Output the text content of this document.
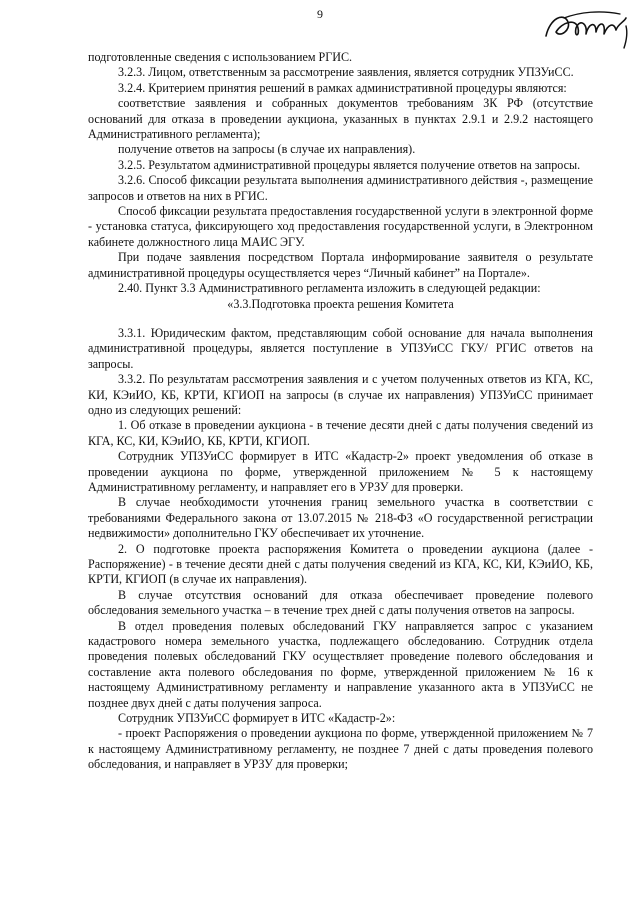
9

подготовленные сведения с использованием РГИС.

3.2.3. Лицом, ответственным за рассмотрение заявления, является сотрудник УПЗУиСС.

3.2.4. Критерием принятия решений в рамках административной процедуры являются:

соответствие заявления и собранных документов требованиям ЗК РФ (отсутствие оснований для отказа в проведении аукциона, указанных в пунктах 2.9.1 и 2.9.2 настоящего Административного регламента);

получение ответов на запросы (в случае их направления).

3.2.5. Результатом административной процедуры является получение ответов на запросы.

3.2.6. Способ фиксации результата выполнения административного действия -, размещение запросов и ответов на них в РГИС.

Способ фиксации результата предоставления государственной услуги в электронной форме - установка статуса, фиксирующего ход предоставления государственной услуги, в Электронном кабинете должностного лица МАИС ЭГУ.

При подаче заявления посредством Портала информирование заявителя о результате административной процедуры осуществляется через “Личный кабинет” на Портале».

2.40. Пункт 3.3 Административного регламента изложить в следующей редакции:

«3.3.Подготовка проекта решения Комитета

3.3.1. Юридическим фактом, представляющим собой основание для начала выполнения административной процедуры, является поступление в УПЗУиСС ГКУ/ РГИС ответов на запросы.

3.3.2. По результатам рассмотрения заявления и с учетом полученных ответов из КГА, КС, КИ, КЭиИО, КБ, КРТИ, КГИОП на запросы (в случае их направления) УПЗУиСС принимает одно из следующих решений:

1. Об отказе в проведении аукциона - в течение десяти дней с даты получения сведений из КГА, КС, КИ, КЭиИО, КБ, КРТИ, КГИОП.

Сотрудник УПЗУиСС формирует в ИТС «Кадастр-2» проект уведомления об отказе в проведении аукциона по форме, утвержденной приложением № 5 к настоящему Административному регламенту, и направляет его в УРЗУ для проверки.

В случае необходимости уточнения границ земельного участка в соответствии с требованиями Федерального закона от 13.07.2015 № 218-ФЗ «О государственной регистрации недвижимости» дополнительно ГКУ обеспечивает их уточнение.

2. О подготовке проекта распоряжения Комитета о проведении аукциона (далее - Распоряжение) - в течение десяти дней с даты получения сведений из КГА, КС, КИ, КЭиИО, КБ, КРТИ, КГИОП (в случае их направления).

В случае отсутствия оснований для отказа обеспечивает проведение полевого обследования земельного участка – в течение трех дней с даты получения ответов на запросы.

В отдел проведения полевых обследований ГКУ направляется запрос с указанием кадастрового номера земельного участка, подлежащего обследованию. Сотрудник отдела проведения полевых обследований ГКУ осуществляет проведение полевого обследования и составление акта полевого обследования по форме, утвержденной приложением № 16 к настоящему Административному регламенту и направление указанного акта в УПЗУиСС не позднее двух дней с даты получения запроса.

Сотрудник УПЗУиСС формирует в ИТС «Кадастр-2»:

- проект Распоряжения о проведении аукциона по форме, утвержденной приложением № 7 к настоящему Административному регламенту, не позднее 7 дней с даты проведения полевого обследования, и направляет в УРЗУ для проверки;
